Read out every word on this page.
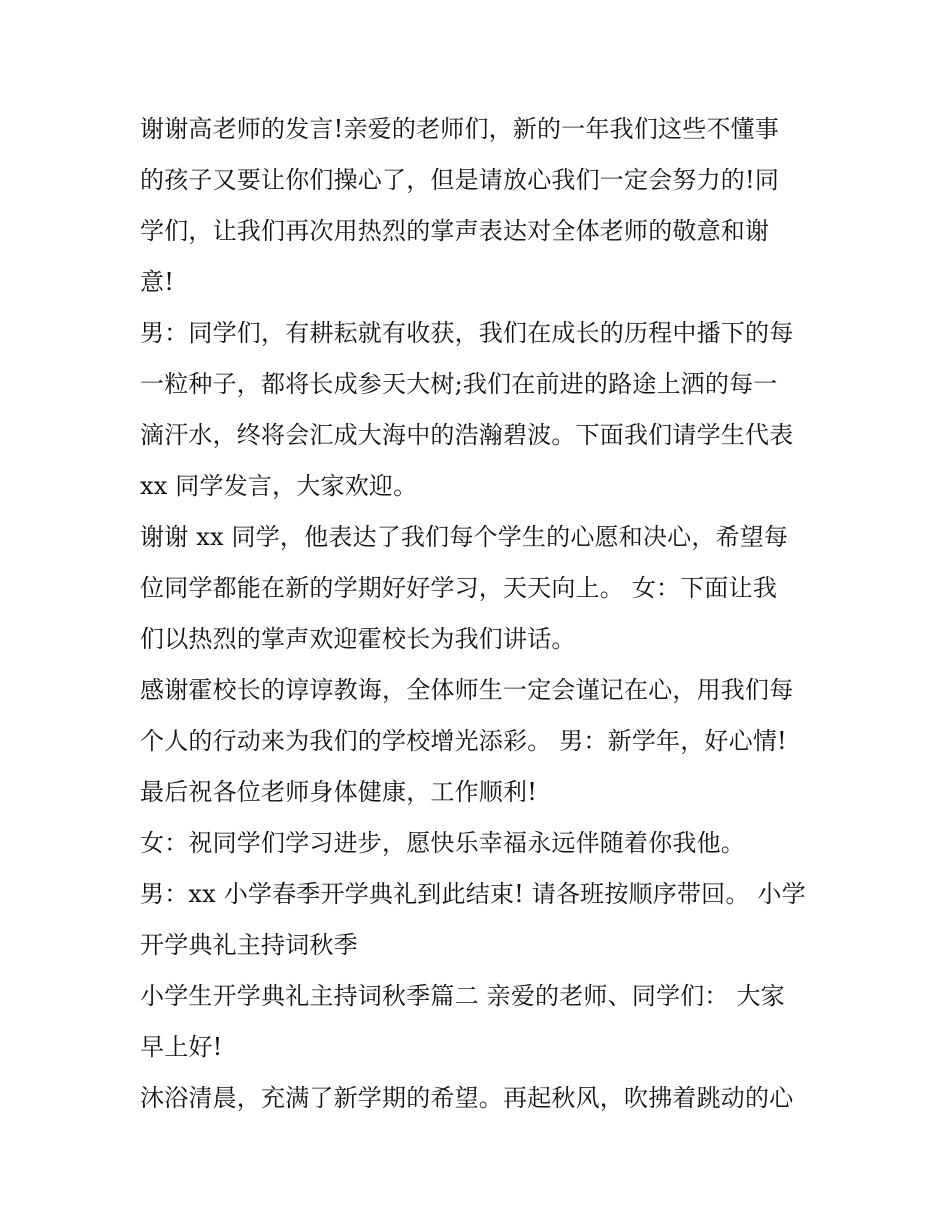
谢谢高老师的发言!亲爱的老师们，新的一年我们这些不懂事
的孩子又要让你们操心了，但是请放心我们一定会努力的!同
学们，让我们再次用热烈的掌声表达对全体老师的敬意和谢
意!
男：同学们，有耕耘就有收获，我们在成长的历程中播下的每
一粒种子，都将长成参天大树;我们在前进的路途上洒的每一
滴汗水，终将会汇成大海中的浩瀚碧波。下面我们请学生代表
xx 同学发言，大家欢迎。
谢谢 xx 同学，他表达了我们每个学生的心愿和决心，希望每
位同学都能在新的学期好好学习，天天向上。 女：下面让我
们以热烈的掌声欢迎霍校长为我们讲话。
感谢霍校长的谆谆教诲，全体师生一定会谨记在心，用我们每
个人的行动来为我们的学校增光添彩。 男：新学年，好心情!
最后祝各位老师身体健康，工作顺利!
女：祝同学们学习进步，愿快乐幸福永远伴随着你我他。
男：xx 小学春季开学典礼到此结束! 请各班按顺序带回。 小学
开学典礼主持词秋季
小学生开学典礼主持词秋季篇二 亲爱的老师、同学们： 大家
早上好!
沐浴清晨，充满了新学期的希望。再起秋风，吹拂着跳动的心
